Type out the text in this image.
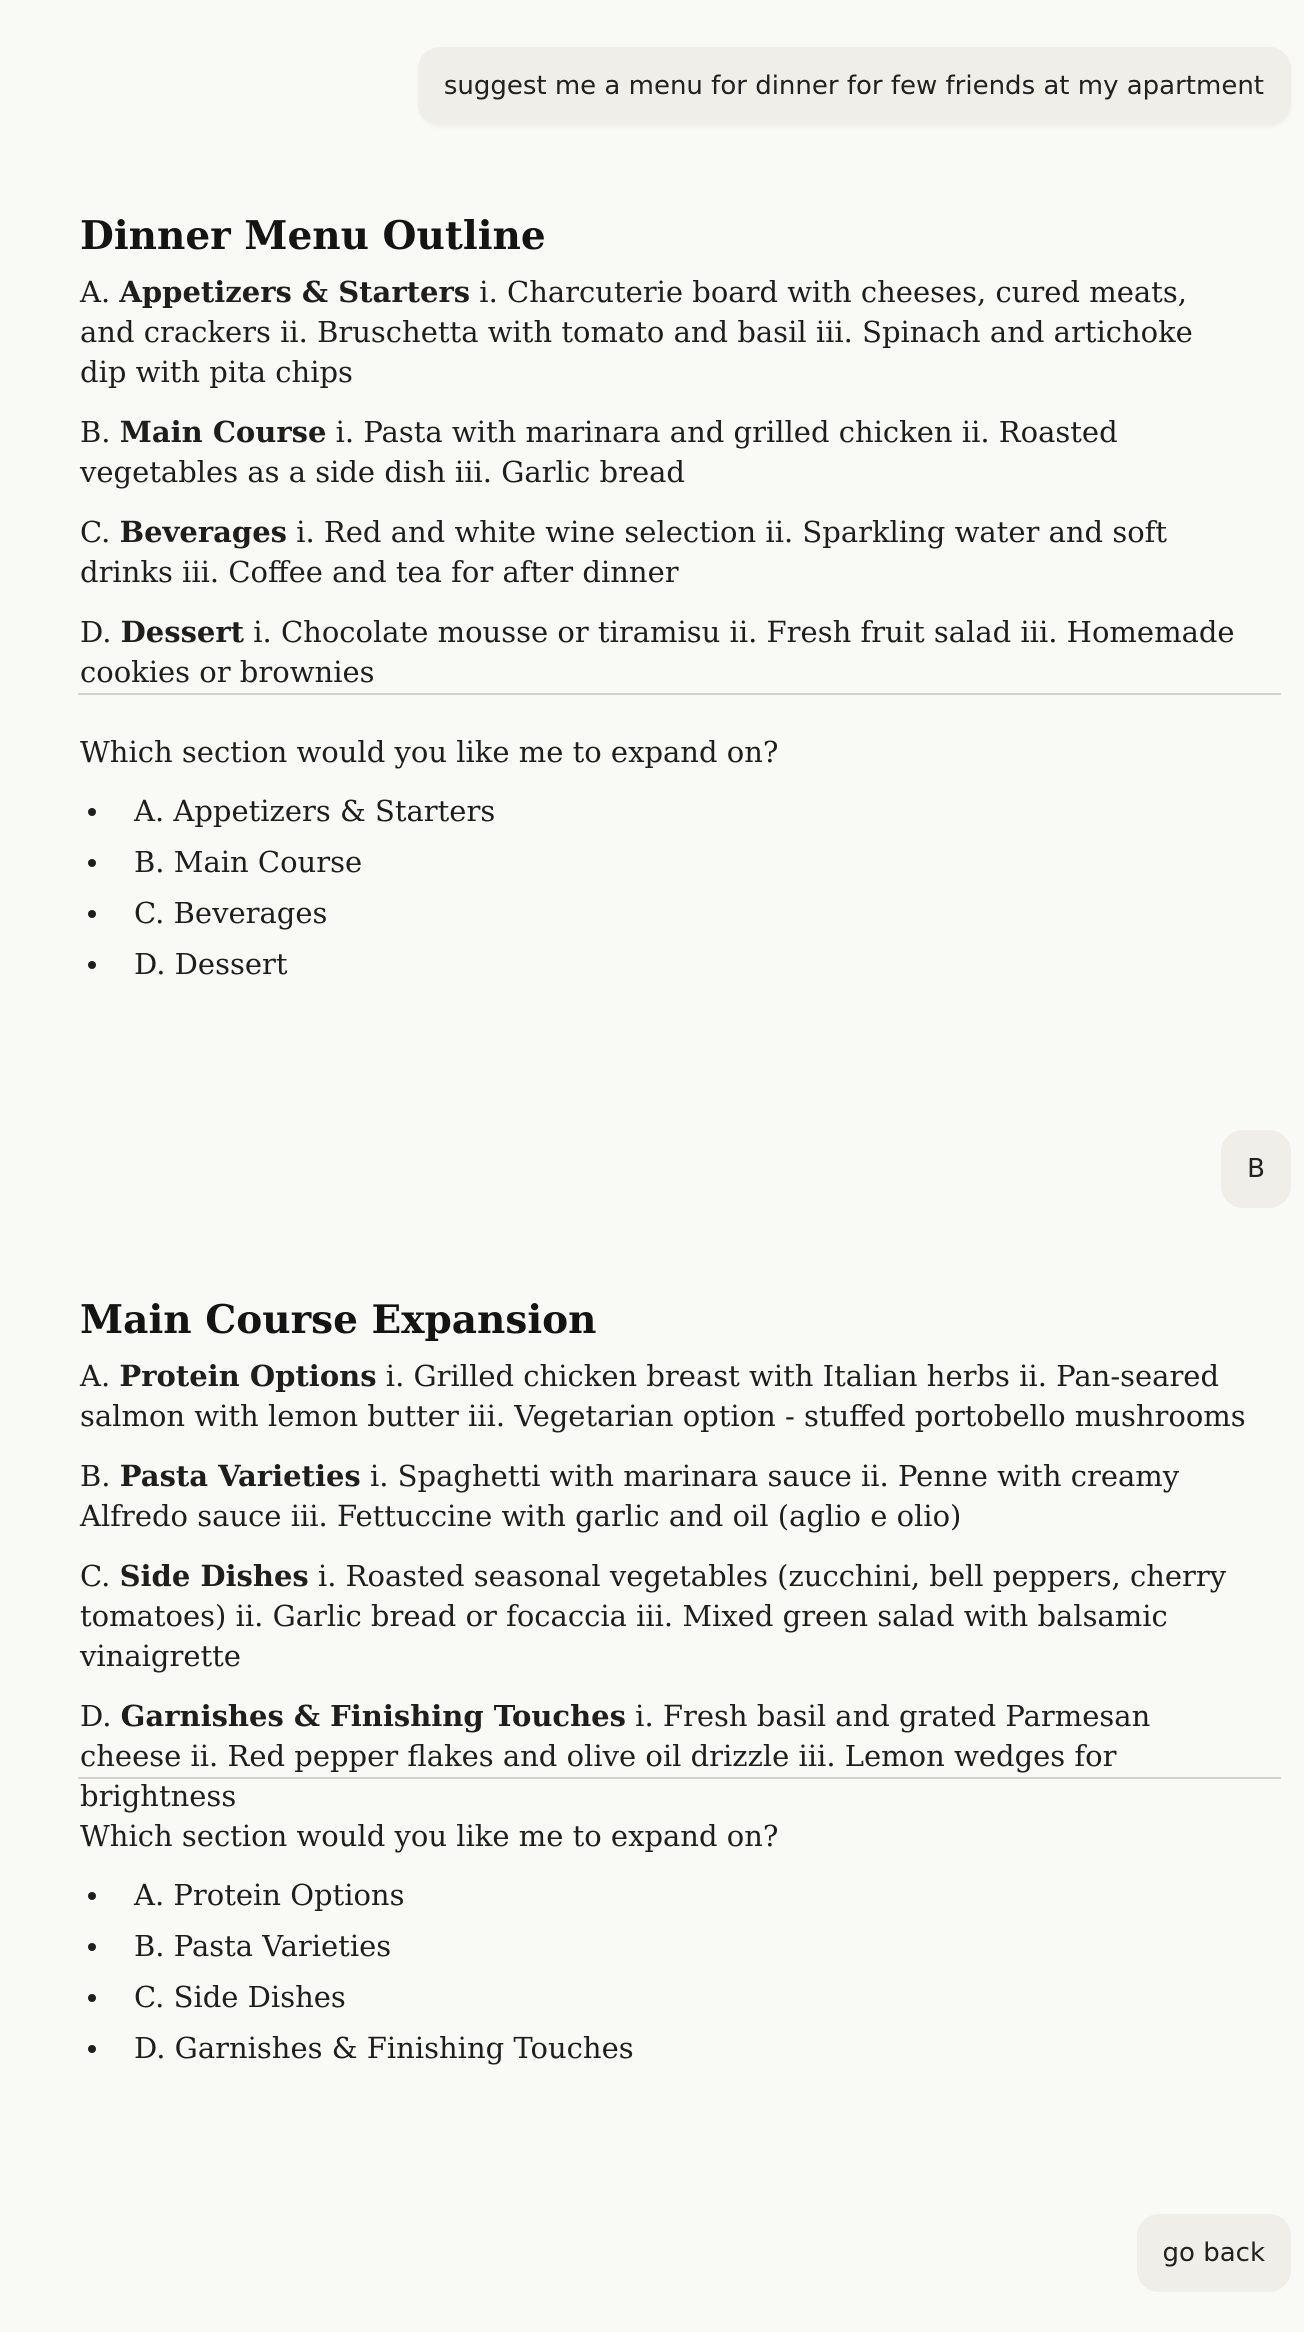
suggest me a menu for dinner for few friends at my apartment
Dinner Menu Outline

A. Appetizers & Starters i. Charcuterie board with cheeses, cured meats, and crackers ii. Bruschetta with tomato and basil iii. Spinach and artichoke dip with pita chips

B. Main Course i. Pasta with marinara and grilled chicken ii. Roasted vegetables as a side dish iii. Garlic bread

C. Beverages i. Red and white wine selection ii. Sparkling water and soft drinks iii. Coffee and tea for after dinner

D. Dessert i. Chocolate mousse or tiramisu ii. Fresh fruit salad iii. Homemade cookies or brownies

Which section would you like me to expand on?

A. Appetizers & Starters
B. Main Course
C. Beverages
D. Dessert
B
Main Course Expansion

A. Protein Options i. Grilled chicken breast with Italian herbs ii. Pan-seared salmon with lemon butter iii. Vegetarian option - stuffed portobello mushrooms

B. Pasta Varieties i. Spaghetti with marinara sauce ii. Penne with creamy Alfredo sauce iii. Fettuccine with garlic and oil (aglio e olio)

C. Side Dishes i. Roasted seasonal vegetables (zucchini, bell peppers, cherry tomatoes) ii. Garlic bread or focaccia iii. Mixed green salad with balsamic vinaigrette

D. Garnishes & Finishing Touches i. Fresh basil and grated Parmesan cheese ii. Red pepper flakes and olive oil drizzle iii. Lemon wedges for brightness

Which section would you like me to expand on?

A. Protein Options
B. Pasta Varieties
C. Side Dishes
D. Garnishes & Finishing Touches
go back
